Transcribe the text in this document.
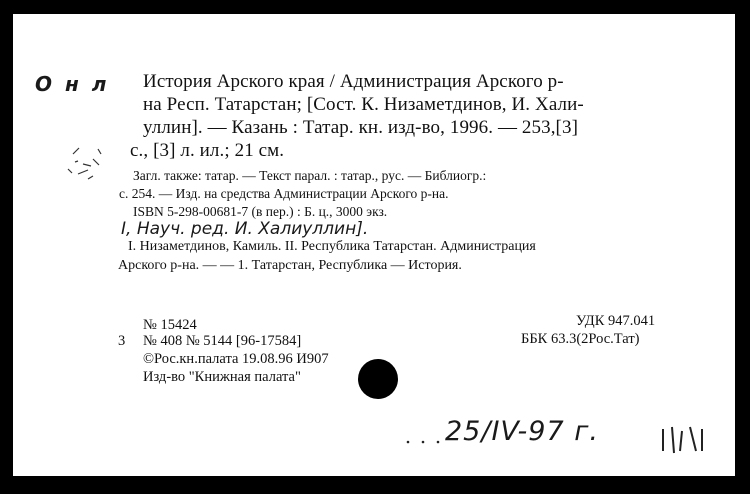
О н л История Арского края / Администрация Арского р-
на Респ. Татарстан; [Сост. К. Низаметдинов, И. Хали-
уллин]. — Казань : Татар. кн. изд-во, 1996. — 253,[3]
с., [3] л. ил.; 21 см.
Загл. также: татар. — Текст парал. : татар., рус. — Библиогр.:
с. 254. — Изд. на средства Администрации Арского р-на.
ISBN 5-298-00681-7 (в пер.) : Б. ц., 3000 экз.
I, Науч. ред. И. Халиуллин].
I. Низаметдинов, Камиль. II. Республика Татарстан. Администрация
Арского р-на. — — 1. Татарстан, Республика — История.
№ 15424
3 № 408 № 5144 [96-17584]
©Рос.кн.палата 19.08.96 И907
Изд-во "Книжная палата"
УДК 947.041
ББК 63.3(2Рос.Тат)
25/IV-97 г.
